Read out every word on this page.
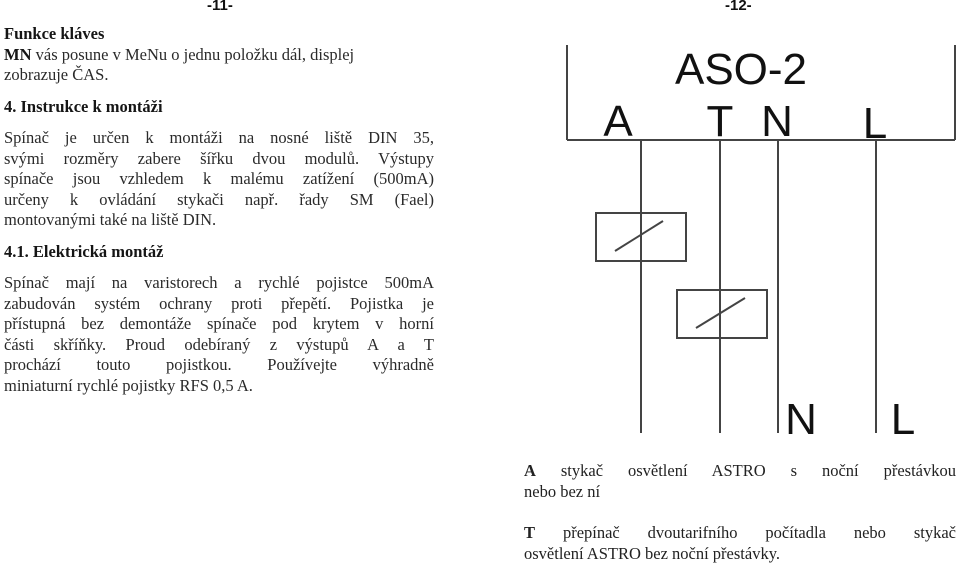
-11-	-12-

Funkce kláves

MN vás posune v MeNu o jednu položku dál, displej

zobrazuje ČAS.

4. Instrukce k montáži

Spínač je určen k montáži na nosné liště DIN 35,

svými rozměry zabere šířku dvou modulů. Výstupy

spínače jsou vzhledem k malému zatížení (500mA)

určeny k ovládání stykači např. řady SM (Fael)

montovanými také na liště DIN.

4.1. Elektrická montáž

Spínač mají na varistorech a rychlé pojistce 500mA

zabudován systém ochrany proti přepětí. Pojistka je

přístupná bez demontáže spínače pod krytem v horní

části skříňky. Proud odebíraný z výstupů A a T

prochází touto pojistkou. Používejte výhradně

miniaturní rychlé pojistky RFS 0,5 A.

ASO-2
A T N L
N L

A stykač osvětlení ASTRO s noční přestávkou

nebo bez ní

T přepínač dvoutarifního počítadla nebo stykač

osvětlení ASTRO bez noční přestávky.
